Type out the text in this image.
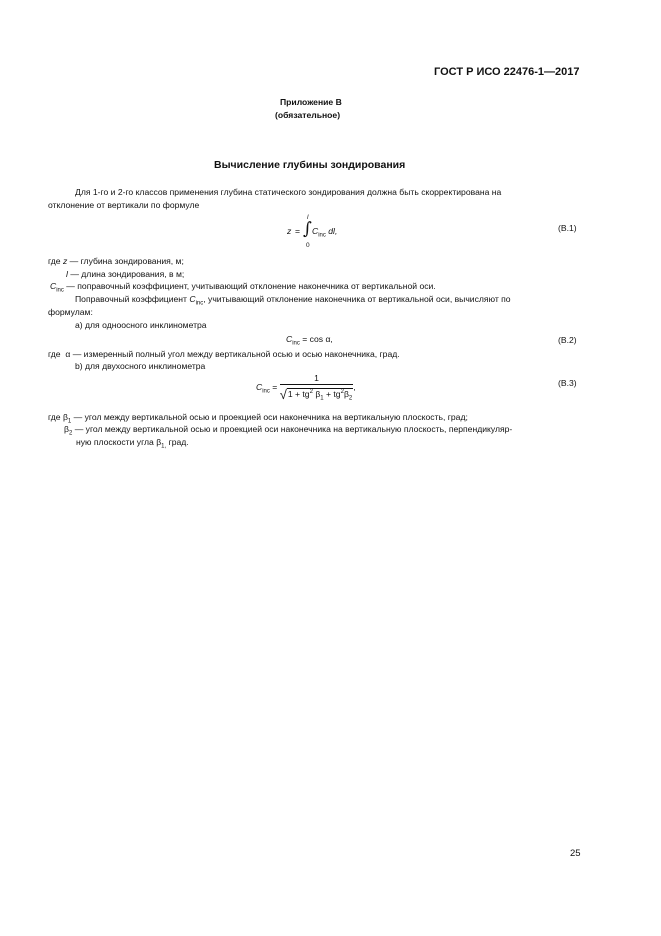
ГОСТ Р ИСО 22476-1—2017
Приложение В
(обязательное)
Вычисление глубины зондирования
Для 1-го и 2-го классов применения глубина статического зондирования должна быть скорректирована на
отклонение от вертикали по формуле
z =
l
∫
0
$C_{inc}$ dl,	(В.1)
где z — глубина зондирования, м;
l — длина зондирования, в м;
$C_{inc}$ — поправочный коэффициент, учитывающий отклонение наконечника от вертикальной оси.
Поправочный коэффициент $C_{inc}$, учитывающий отклонение наконечника от вертикальной оси, вычисляют по
формулам:
а) для одноосного инклинометра
$C_{inc} = \cos \alpha$,	(В.2)
где α — измеренный полный угол между вертикальной осью и осью наконечника, град.
b) для двухосного инклинометра
$C_{inc} = \frac{1}{√1 + tg^2 \beta_1 + tg^2\beta_2}$ ,	(В.3)
где $\beta_1$ — угол между вертикальной осью и проекцией оси наконечника на вертикальную плоскость, град;
$\beta_2$ — угол между вертикальной осью и проекцией оси наконечника на вертикальную плоскость, перпендикуляр-
ную плоскости угла $\beta_{1,}$ град.
25
